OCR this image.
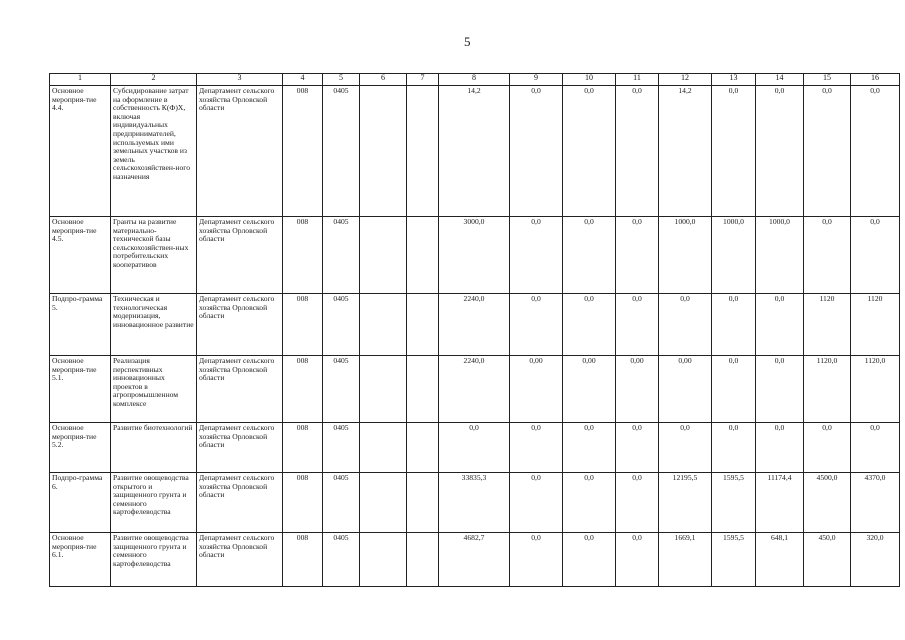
5
1	2	3	4	5	6	7	8	9	10	11	12	13	14	15	16
Основное мероприя-тие 4.4.	Субсидирование затрат на оформление в собственность К(Ф)Х, включая индивидуальных предпринимателей, используемых ими земельных участков из земель сельскохозяйствен-ного назначения	Департамент сельского хозяйства Орловской области	008	0405			14,2	0,0	0,0	0,0	14,2	0,0	0,0	0,0	0,0
Основное мероприя-тие 4.5.	Гранты на развитие материально-технической базы сельскохозяйствен-ных потребительских кооперативов	Департамент сельского хозяйства Орловской области	008	0405			3000,0	0,0	0,0	0,0	1000,0	1000,0	1000,0	0,0	0,0
Подпро-грамма 5.	Техническая и технологическая модернизация, инновационное развитие	Департамент сельского хозяйства Орловской области	008	0405			2240,0	0,0	0,0	0,0	0,0	0,0	0,0	1120	1120
Основное мероприя-тие 5.1.	Реализация перспективных инновационных проектов в агропромышленном комплексе	Департамент сельского хозяйства Орловской области	008	0405			2240,0	0,00	0,00	0,00	0,00	0,0	0,0	1120,0	1120,0
Основное мероприя-тие 5.2.	Развитие биотехнологий	Департамент сельского хозяйства Орловской области	008	0405			0,0	0,0	0,0	0,0	0,0	0,0	0,0	0,0	0,0
Подпро-грамма 6.	Развитие овощеводства открытого и защищенного грунта и семенного картофелеводства	Департамент сельского хозяйства Орловской области	008	0405			33835,3	0,0	0,0	0,0	12195,5	1595,5	11174,4	4500,0	4370,0
Основное мероприя-тие 6.1.	Развитие овощеводства защищенного грунта и семенного картофелеводства	Департамент сельского хозяйства Орловской области	008	0405			4682,7	0,0	0,0	0,0	1669,1	1595,5	648,1	450,0	320,0
